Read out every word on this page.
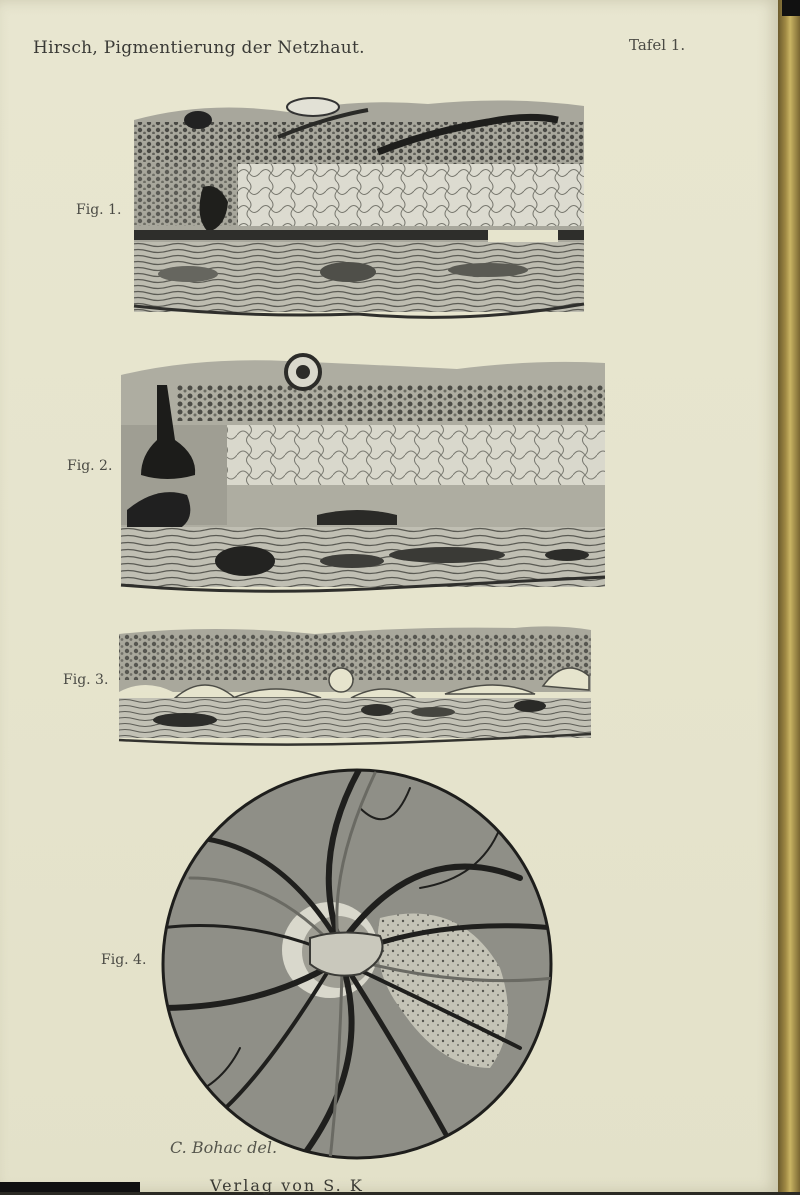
Hirsch, Pigmentierung der Netzhaut.	Tafel 1.
Fig. 1.
Fig. 2.
Fig. 3.
Fig. 4.
C. Bohac del.
Verlag von S. K
